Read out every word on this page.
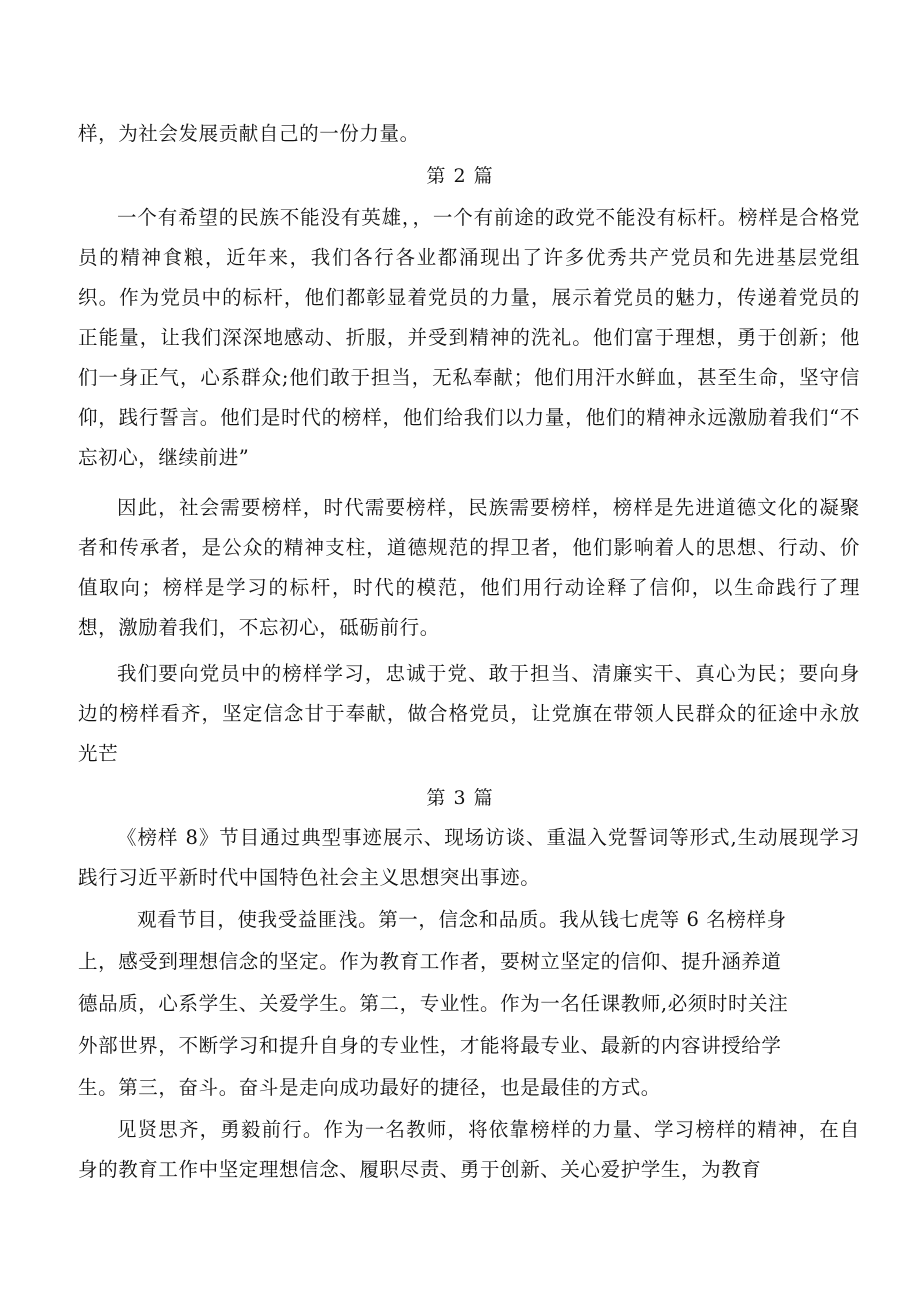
样，为社会发展贡献自己的一份力量。

第 2 篇

一个有希望的民族不能没有英雄，，一个有前途的政党不能没有标杆。榜样是合格党员的精神食粮，近年来，我们各行各业都涌现出了许多优秀共产党员和先进基层党组织。作为党员中的标杆，他们都彰显着党员的力量，展示着党员的魅力，传递着党员的正能量，让我们深深地感动、折服，并受到精神的洗礼。他们富于理想，勇于创新；他们一身正气，心系群众;他们敢于担当，无私奉献；他们用汗水鲜血，甚至生命，坚守信仰，践行誓言。他们是时代的榜样，他们给我们以力量，他们的精神永远激励着我们“不忘初心，继续前进”

因此，社会需要榜样，时代需要榜样，民族需要榜样，榜样是先进道德文化的凝聚者和传承者，是公众的精神支柱，道德规范的捍卫者，他们影响着人的思想、行动、价值取向；榜样是学习的标杆，时代的模范，他们用行动诠释了信仰，以生命践行了理想，激励着我们，不忘初心，砥砺前行。

我们要向党员中的榜样学习，忠诚于党、敢于担当、清廉实干、真心为民；要向身边的榜样看齐，坚定信念甘于奉献，做合格党员，让党旗在带领人民群众的征途中永放光芒

第 3 篇

《榜样 8》节目通过典型事迹展示、现场访谈、重温入党誓词等形式,生动展现学习践行习近平新时代中国特色社会主义思想突出事迹。

观看节目，使我受益匪浅。第一，信念和品质。我从钱七虎等 6 名榜样身
上，感受到理想信念的坚定。作为教育工作者，要树立坚定的信仰、提升涵养道
德品质，心系学生、关爱学生。第二，专业性。作为一名任课教师,必须时时关注
外部世界，不断学习和提升自身的专业性，才能将最专业、最新的内容讲授给学
生。第三，奋斗。奋斗是走向成功最好的捷径，也是最佳的方式。

见贤思齐，勇毅前行。作为一名教师，将依靠榜样的力量、学习榜样的精神，在自身的教育工作中坚定理想信念、履职尽责、勇于创新、关心爱护学生，为教育
